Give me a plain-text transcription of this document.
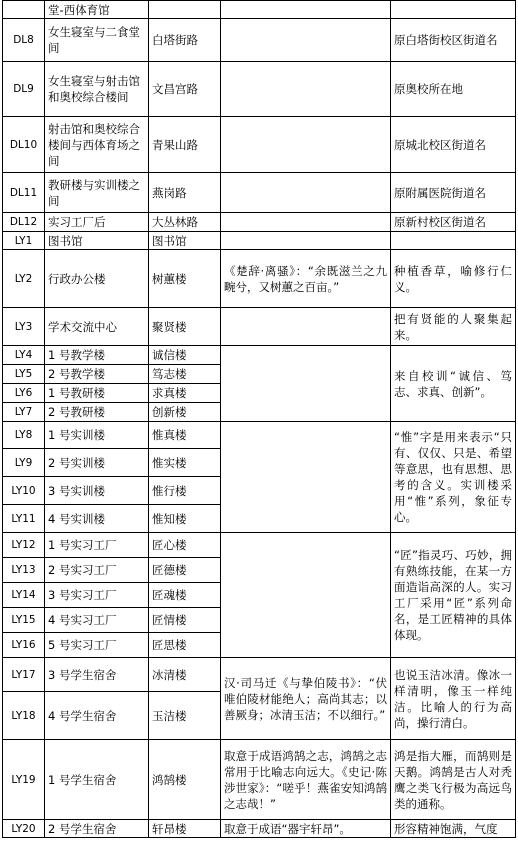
	堂-西体育馆			
DL8	女生寝室与二食堂间	白塔街路		原白塔街校区街道名
DL9	女生寝室与射击馆和奥校综合楼间	文昌宫路		原奥校所在地
DL10	射击馆和奥校综合楼间与西体育场之间	青果山路		原城北校区街道名
DL11	教研楼与实训楼之间	燕岗路		原附属医院街道名
DL12	实习工厂后	大丛林路		原新村校区街道名
LY1	图书馆	图书馆		
LY2	行政办公楼	树蕙楼	《楚辞·离骚》：“余既滋兰之九畹兮，又树蕙之百亩。”	种植香草，喻修行仁义。
LY3	学术交流中心	聚贤楼		把有贤能的人聚集起来。
LY4	1 号教学楼	诚信楼		来自校训“诚信、笃志、求真、创新”。
LY5	2 号教学楼	笃志楼		
LY6	1 号教研楼	求真楼		
LY7	2 号教研楼	创新楼		
LY8	1 号实训楼	惟真楼		“惟”字是用来表示“只有、仅仅、只是、希望等意思，也有思想、思考的含义。实训楼采用“惟”系列，象征专心。
LY9	2 号实训楼	惟实楼		
LY10	3 号实训楼	惟行楼		
LY11	4 号实训楼	惟知楼		
LY12	1 号实习工厂	匠心楼		“匠”指灵巧、巧妙，拥有熟练技能，在某一方面造诣高深的人。实习工厂采用“匠”系列命名，是工匠精神的具体体现。
LY13	2 号实习工厂	匠德楼		
LY14	3 号实习工厂	匠魂楼		
LY15	4 号实习工厂	匠情楼		
LY16	5 号实习工厂	匠思楼		
LY17	3 号学生宿舍	冰清楼	汉·司马迁《与挚伯陵书》：“伏唯伯陵材能绝人；高尚其志；以善厥身；冰清玉洁；不以细行。”	也说玉洁冰清。像冰一样清明，像玉一样纯洁。比喻人的行为高尚，操行清白。
LY18	4 号学生宿舍	玉洁楼		
LY19	1 号学生宿舍	鸿鹄楼	取意于成语鸿鹄之志，鸿鹄之志常用于比喻志向远大。《史记·陈涉世家》：“嗟乎！燕雀安知鸿鹄之志哉！”	鸿是指大雁，而鹄则是天鹅。鸿鹄是古人对秃鹰之类飞行极为高远鸟类的通称。
LY20	2 号学生宿舍	轩昂楼	取意于成语“器宇轩昂”。	形容精神饱满，气度
